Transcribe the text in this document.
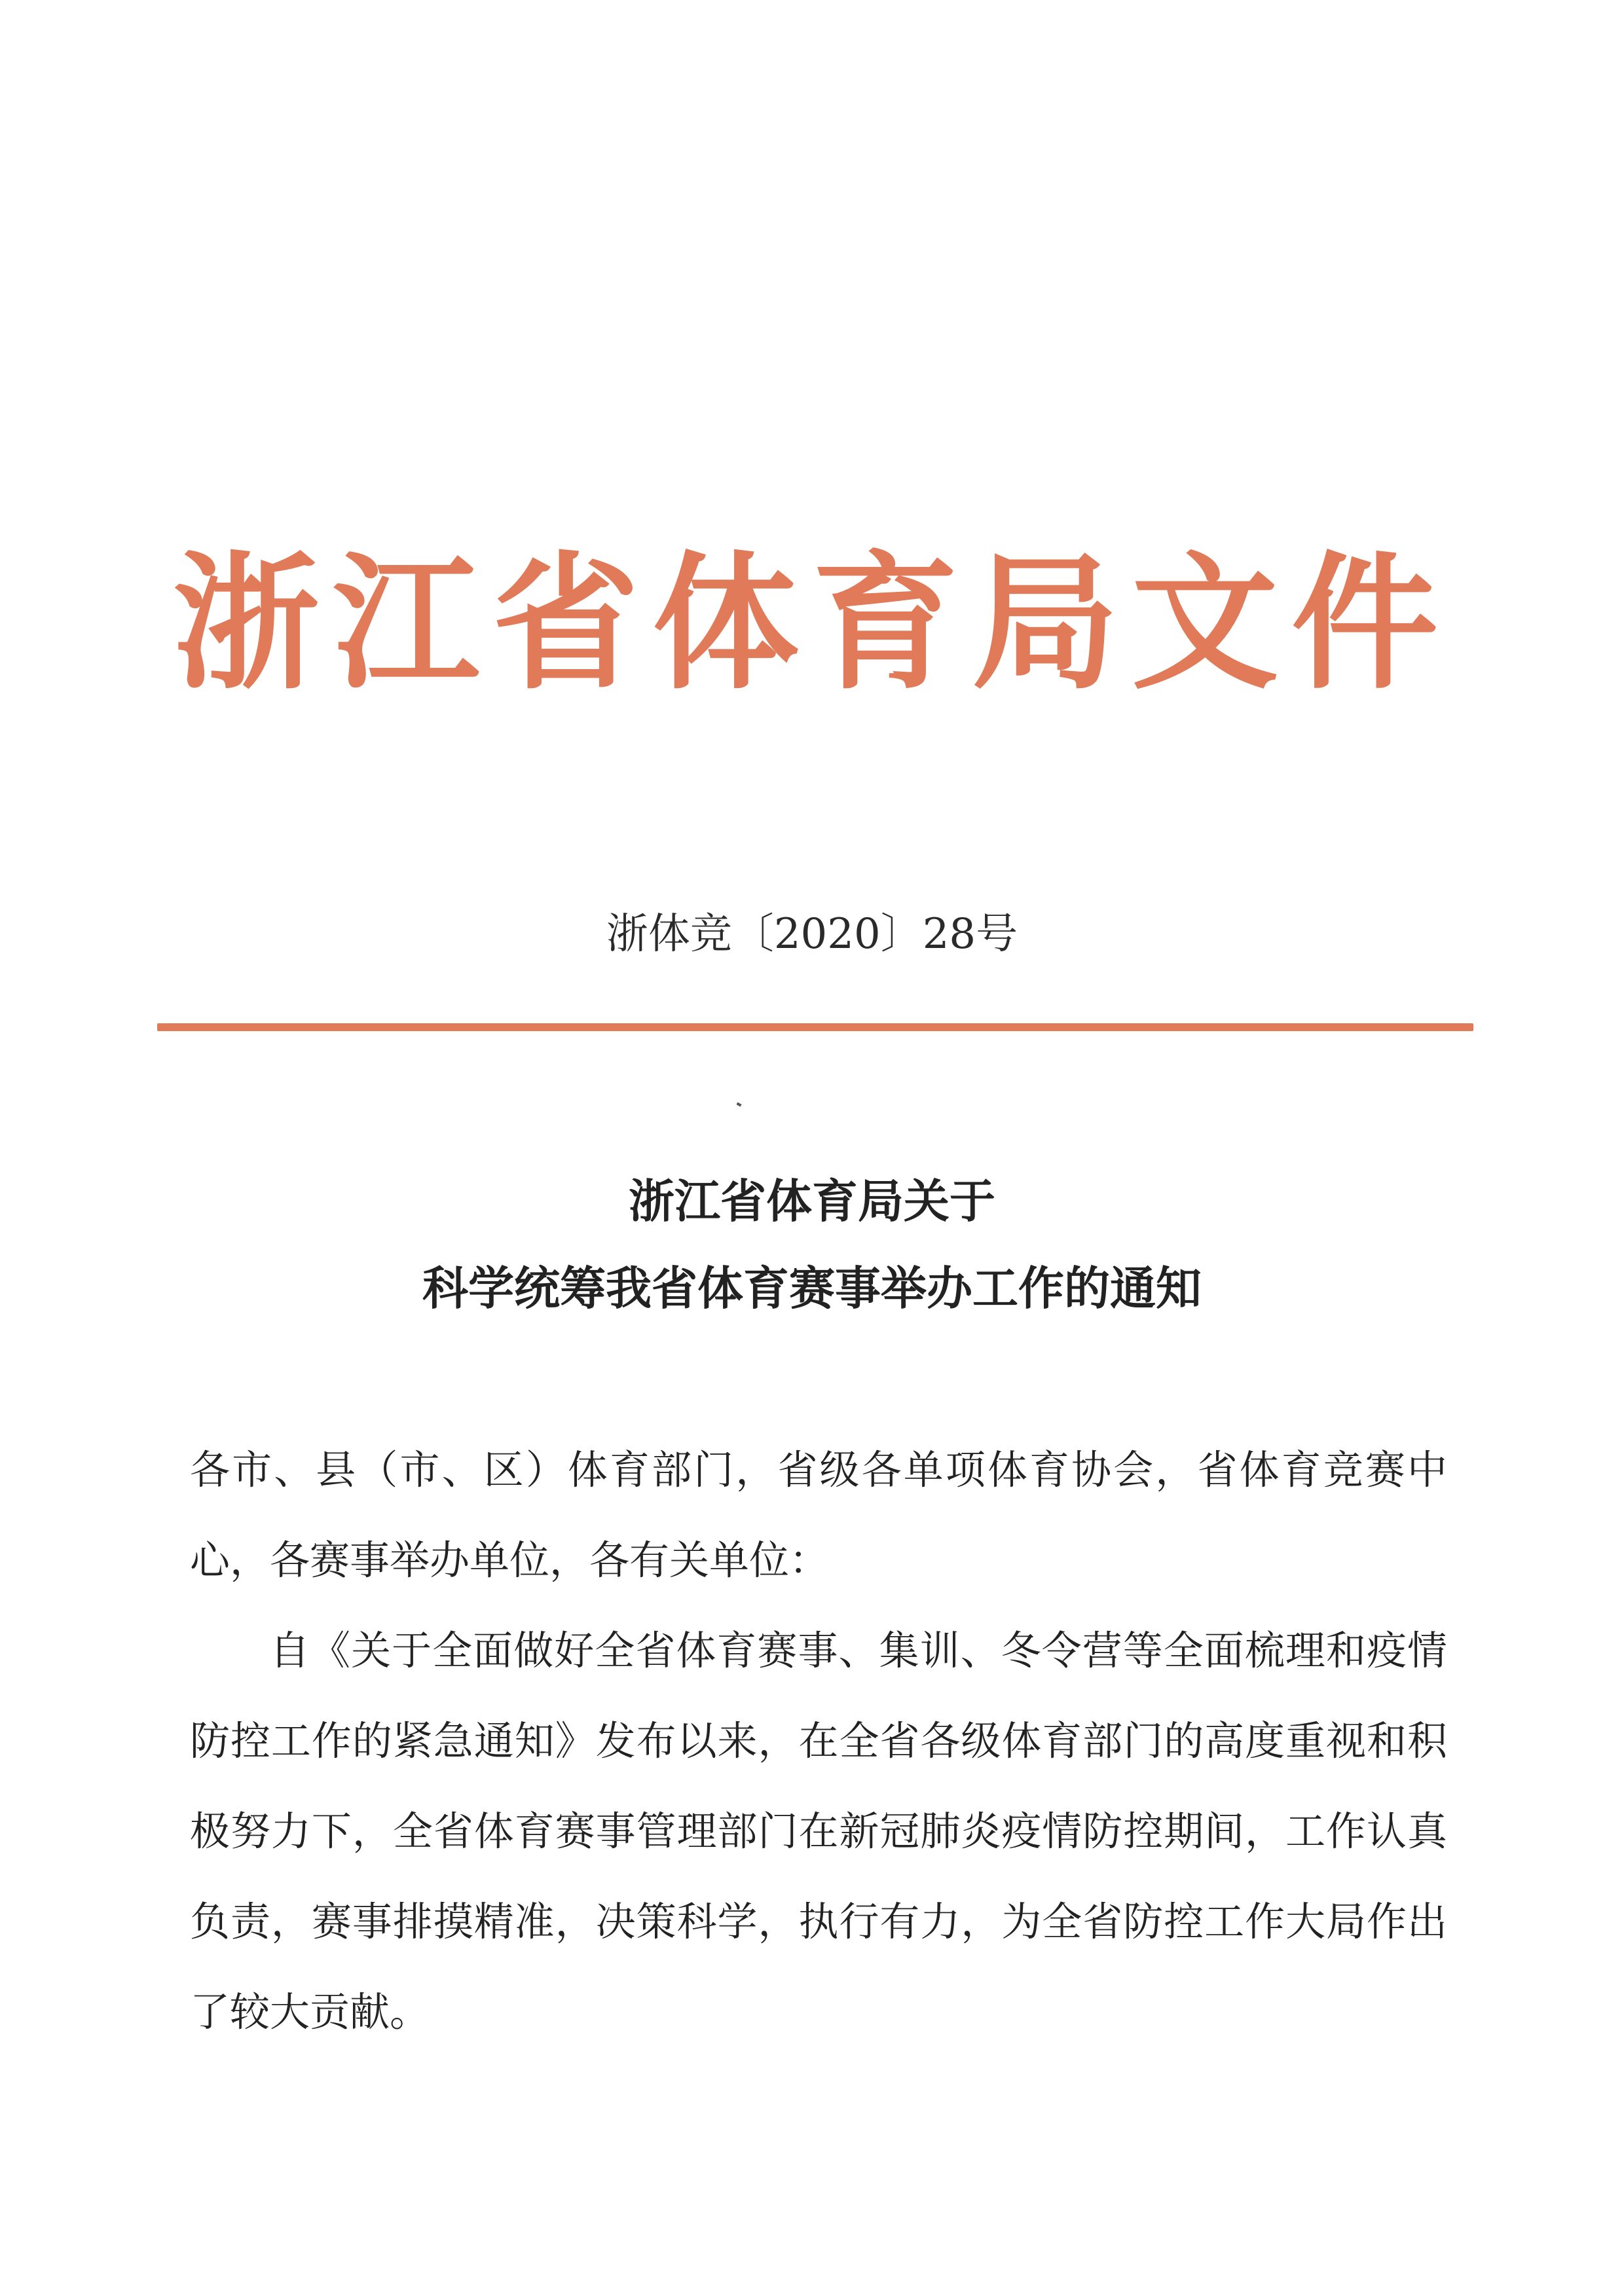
浙江省体育局文件
浙体竞〔2020〕28号
浙江省体育局关于
科学统筹我省体育赛事举办工作的通知
各市、县（市、区）体育部门，省级各单项体育协会，省体育竞赛中心，各赛事举办单位，各有关单位：
自《关于全面做好全省体育赛事、集训、冬令营等全面梳理和疫情防控工作的紧急通知》发布以来，在全省各级体育部门的高度重视和积极努力下，全省体育赛事管理部门在新冠肺炎疫情防控期间，工作认真负责，赛事排摸精准，决策科学，执行有力，为全省防控工作大局作出了较大贡献。
